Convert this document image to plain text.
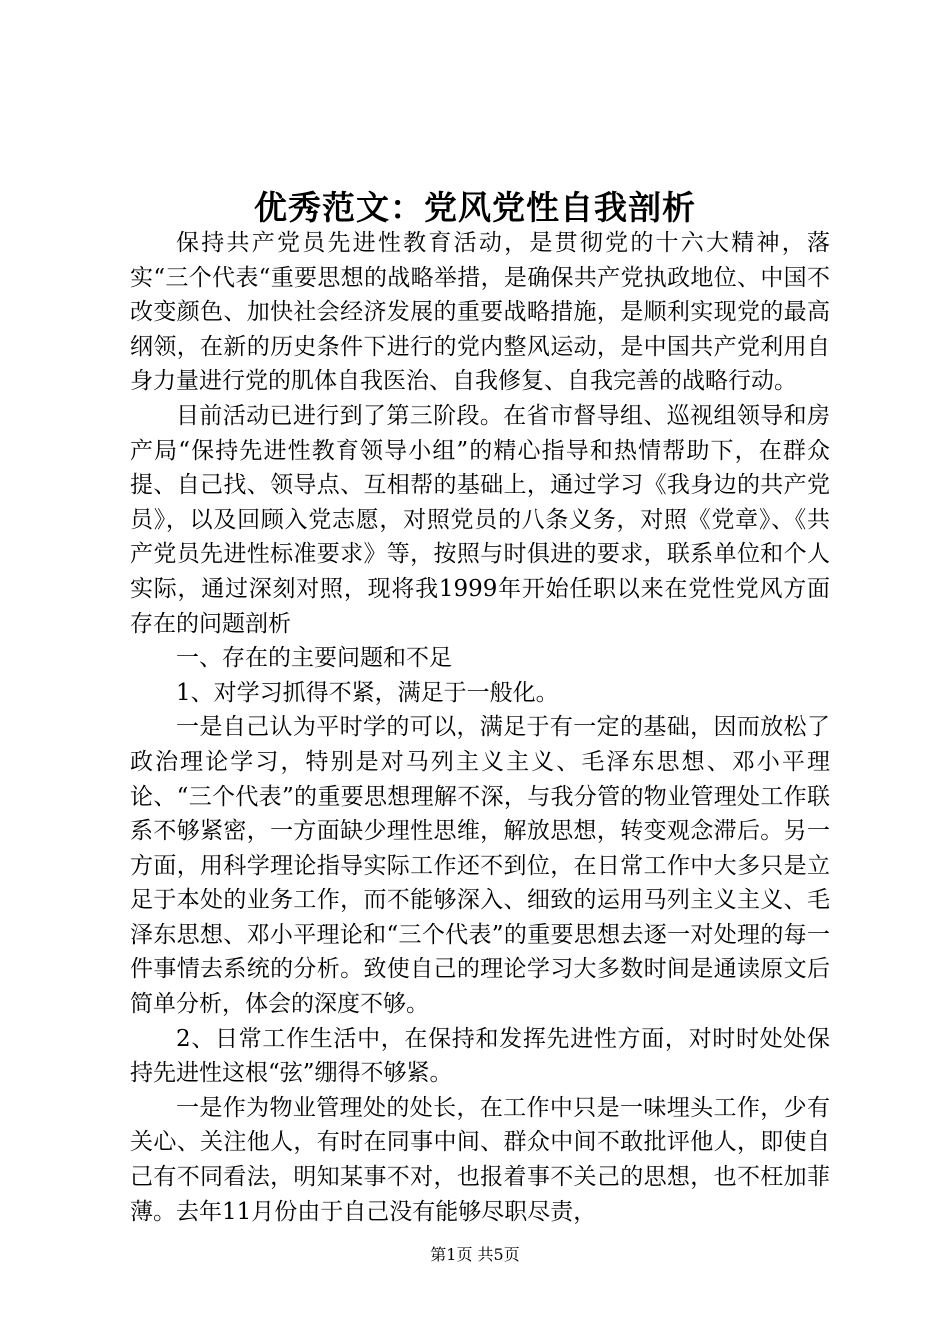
优秀范文：党风党性自我剖析

保持共产党员先进性教育活动，是贯彻党的十六大精神，落实“三个代表“重要思想的战略举措，是确保共产党执政地位、中国不改变颜色、加快社会经济发展的重要战略措施，是顺利实现党的最高纲领，在新的历史条件下进行的党内整风运动，是中国共产党利用自身力量进行党的肌体自我医治、自我修复、自我完善的战略行动。

目前活动已进行到了第三阶段。在省市督导组、巡视组领导和房产局“保持先进性教育领导小组”的精心指导和热情帮助下，在群众提、自己找、领导点、互相帮的基础上，通过学习《我身边的共产党员》，以及回顾入党志愿，对照党员的八条义务，对照《党章》、《共产党员先进性标准要求》等，按照与时俱进的要求，联系单位和个人实际，通过深刻对照，现将我1999年开始任职以来在党性党风方面存在的问题剖析

一、存在的主要问题和不足

1、对学习抓得不紧，满足于一般化。

一是自己认为平时学的可以，满足于有一定的基础，因而放松了政治理论学习，特别是对马列主义主义、毛泽东思想、邓小平理论、“三个代表”的重要思想理解不深，与我分管的物业管理处工作联系不够紧密，一方面缺少理性思维，解放思想，转变观念滞后。另一方面，用科学理论指导实际工作还不到位，在日常工作中大多只是立足于本处的业务工作，而不能够深入、细致的运用马列主义主义、毛泽东思想、邓小平理论和“三个代表”的重要思想去逐一对处理的每一件事情去系统的分析。致使自己的理论学习大多数时间是通读原文后简单分析，体会的深度不够。

2、日常工作生活中，在保持和发挥先进性方面，对时时处处保持先进性这根“弦”绷得不够紧。

一是作为物业管理处的处长，在工作中只是一味埋头工作，少有关心、关注他人，有时在同事中间、群众中间不敢批评他人，即使自己有不同看法，明知某事不对，也报着事不关己的思想，也不枉加菲薄。去年11月份由于自己没有能够尽职尽责，

第1页 共5页
